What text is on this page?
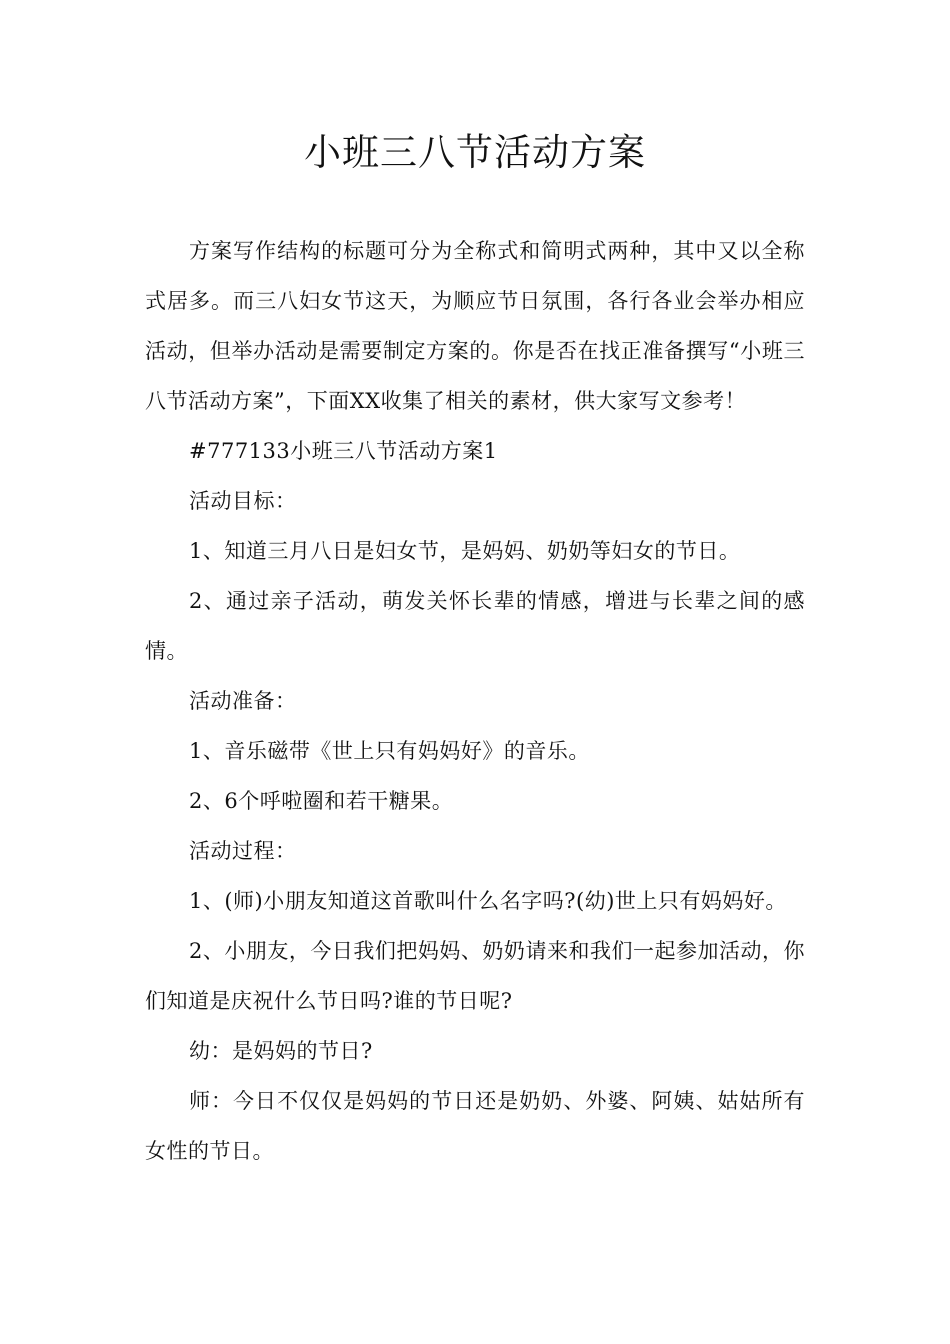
小班三八节活动方案

方案写作结构的标题可分为全称式和简明式两种，其中又以全称式居多。而三八妇女节这天，为顺应节日氛围，各行各业会举办相应活动，但举办活动是需要制定方案的。你是否在找正准备撰写“小班三八节活动方案”，下面XX收集了相关的素材，供大家写文参考！

#777133小班三八节活动方案1

活动目标：

1、知道三月八日是妇女节，是妈妈、奶奶等妇女的节日。

2、通过亲子活动，萌发关怀长辈的情感，增进与长辈之间的感情。

活动准备：

1、音乐磁带《世上只有妈妈好》的音乐。

2、6个呼啦圈和若干糖果。

活动过程：

1、(师)小朋友知道这首歌叫什么名字吗?(幼)世上只有妈妈好。

2、小朋友，今日我们把妈妈、奶奶请来和我们一起参加活动，你们知道是庆祝什么节日吗?谁的节日呢?

幼：是妈妈的节日?

师：今日不仅仅是妈妈的节日还是奶奶、外婆、阿姨、姑姑所有女性的节日。
